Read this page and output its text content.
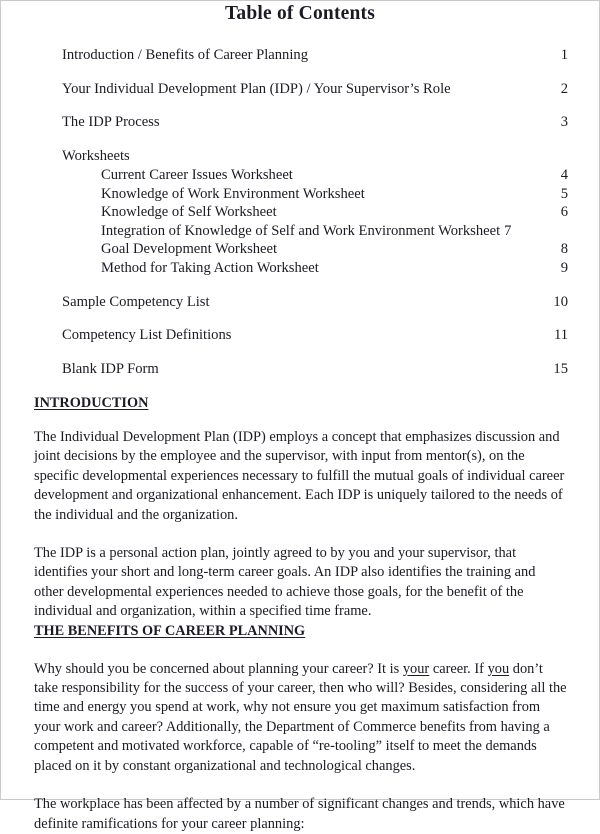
Table of Contents
Introduction / Benefits of Career Planning	1
Your Individual Development Plan (IDP) / Your Supervisor’s Role	2
The IDP Process	3
Worksheets
Current Career Issues Worksheet	4
Knowledge of Work Environment Worksheet	5
Knowledge of Self Worksheet	6
Integration of Knowledge of Self and Work Environment Worksheet 7
Goal Development Worksheet	8
Method for Taking Action Worksheet	9
Sample Competency List	10
Competency List Definitions	11
Blank IDP Form	15
INTRODUCTION

The Individual Development Plan (IDP) employs a concept that emphasizes discussion and joint decisions by the employee and the supervisor, with input from mentor(s), on the specific developmental experiences necessary to fulfill the mutual goals of individual career development and organizational enhancement. Each IDP is uniquely tailored to the needs of the individual and the organization.

The IDP is a personal action plan, jointly agreed to by you and your supervisor, that identifies your short and long-term career goals. An IDP also identifies the training and other developmental experiences needed to achieve those goals, for the benefit of the individual and organization, within a specified time frame.

THE BENEFITS OF CAREER PLANNING

Why should you be concerned about planning your career? It is your career. If you don’t take responsibility for the success of your career, then who will? Besides, considering all the time and energy you spend at work, why not ensure you get maximum satisfaction from your work and career? Additionally, the Department of Commerce benefits from having a competent and motivated workforce, capable of “re-tooling” itself to meet the demands placed on it by constant organizational and technological changes.

The workplace has been affected by a number of significant changes and trends, which have definite ramifications for your career planning:
